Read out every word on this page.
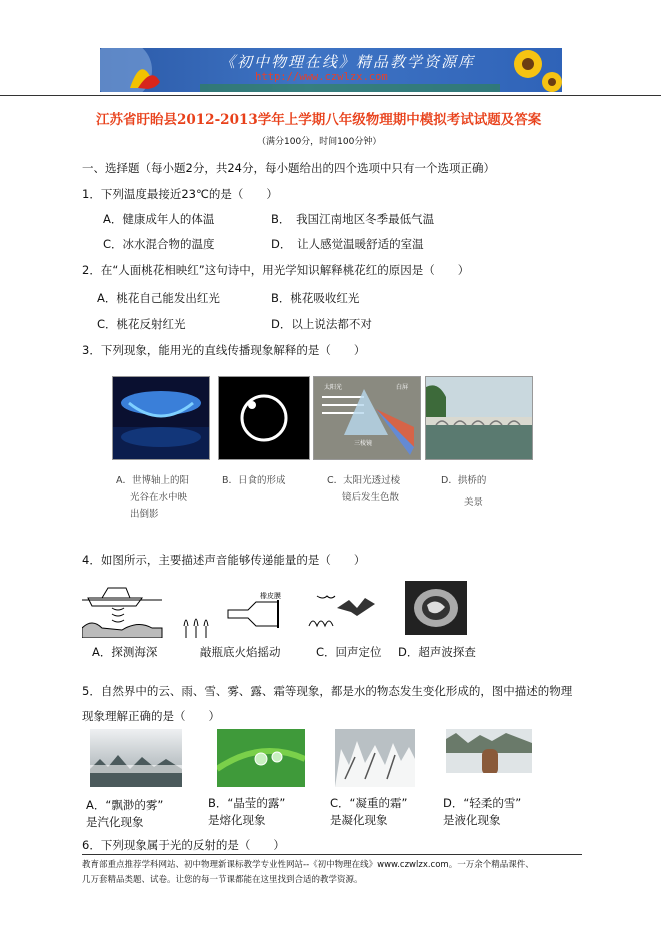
《初中物理在线》精品教学资源库
http://www.czwlzx.com
江苏省盱眙县2012-2013学年上学期八年级物理期中模拟考试试题及答案
（满分100分，时间100分钟）
一、选择题（每小题2分，共24分，每小题给出的四个选项中只有一个选项正确）
1．下列温度最接近23℃的是（　　）
A．健康成年人的体温	B．　我国江南地区冬季最低气温
C．冰水混合物的温度	D．　让人感觉温暖舒适的室温
2．在“人面桃花相映红”这句诗中，用光学知识解释桃花红的原因是（　　）
A．桃花自己能发出红光	B．桃花吸收红光
C．桃花反射红光	D．以上说法都不对
3．下列现象，能用光的直线传播现象解释的是（　　）
太阳光	白屏
三棱镜
A．世博轴上的阳
光谷在水中映
出倒影
B．日食的形成	C．太阳光透过棱
镜后发生色散
D．拱桥的
美景
4．如图所示，主要描述声音能够传递能量的是（　　）
橡皮膜
A．探测海深	敲瓶底火焰摇动	C．回声定位 D．超声波探查
5．自然界中的云、雨、雪、雾、露、霜等现象，都是水的物态发生变化形成的，图中描述的物理
现象理解正确的是（　　）
A．“飘渺的雾”
是汽化现象
B．“晶莹的露”
是熔化现象
C．“凝重的霜”
是凝化现象
D．“轻柔的雪”
是液化现象
6．下列现象属于光的反射的是（　　）
教育部重点推荐学科网站、初中物理新课标教学专业性网站--《初中物理在线》www.czwlzx.com。一万余个精品课件、
几万套精品类题、试卷。让您的每一节课都能在这里找到合适的教学资源。
